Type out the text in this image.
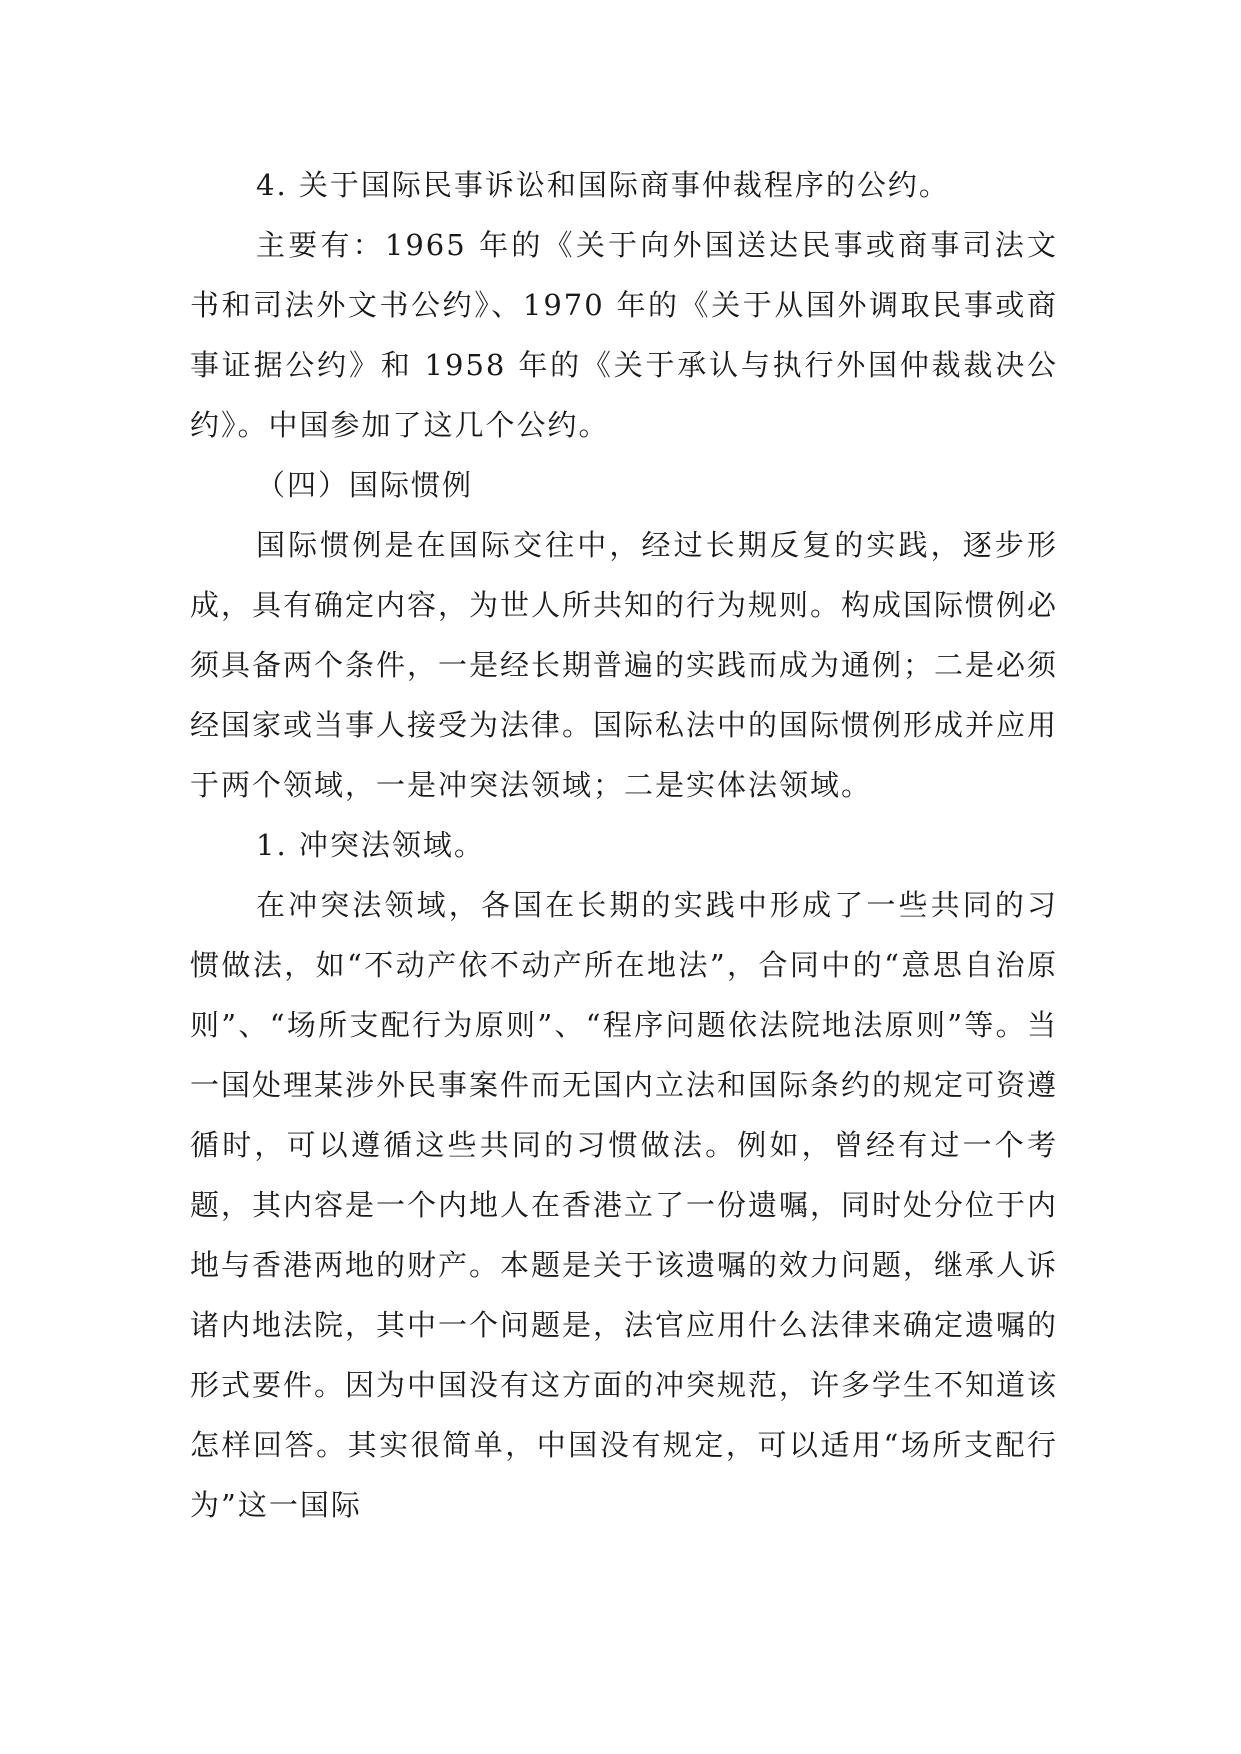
4. 关于国际民事诉讼和国际商事仲裁程序的公约。

主要有：1965 年的《关于向外国送达民事或商事司法文书和司法外文书公约》、1970 年的《关于从国外调取民事或商事证据公约》和 1958 年的《关于承认与执行外国仲裁裁决公约》。中国参加了这几个公约。

（四）国际惯例

国际惯例是在国际交往中，经过长期反复的实践，逐步形成，具有确定内容，为世人所共知的行为规则。构成国际惯例必须具备两个条件，一是经长期普遍的实践而成为通例；二是必须经国家或当事人接受为法律。国际私法中的国际惯例形成并应用于两个领域，一是冲突法领域；二是实体法领域。

1. 冲突法领域。

在冲突法领域，各国在长期的实践中形成了一些共同的习惯做法，如“不动产依不动产所在地法”，合同中的“意思自治原则”、“场所支配行为原则”、“程序问题依法院地法原则”等。当一国处理某涉外民事案件而无国内立法和国际条约的规定可资遵循时，可以遵循这些共同的习惯做法。例如，曾经有过一个考题，其内容是一个内地人在香港立了一份遗嘱，同时处分位于内地与香港两地的财产。本题是关于该遗嘱的效力问题，继承人诉诸内地法院，其中一个问题是，法官应用什么法律来确定遗嘱的形式要件。因为中国没有这方面的冲突规范，许多学生不知道该怎样回答。其实很简单，中国没有规定，可以适用“场所支配行为”这一国际
